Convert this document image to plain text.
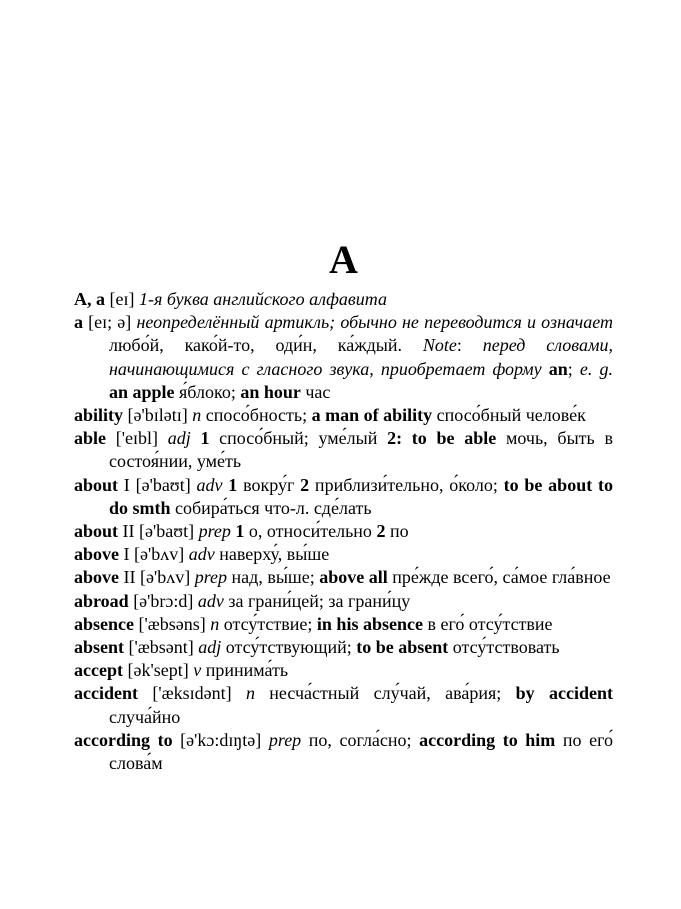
A

A, a [eɪ] 1-я буква английского алфавита

a [eɪ; ə] неопределённый артикль; обычно не переводится и означает любо́й, како́й-то, оди́н, ка́ждый. Note: перед словами, начинающимися с гласного звука, приобретает форму an; e. g. an apple я́блоко; an hour час

ability [ə'bɪlətɪ] n спосо́бность; a man of ability спосо́бный челове́к

able ['eɪbl] adj 1 спосо́бный; уме́лый 2: to be able мочь, быть в состоя́нии, уме́ть

about I [ə'baʊt] adv 1 вокру́г 2 приблизи́тельно, о́коло; to be about to do smth собира́ться что-л. сде́лать

about II [ə'baʊt] prep 1 о, относи́тельно 2 по

above I [ə'bʌv] adv наверху́, вы́ше

above II [ə'bʌv] prep над, вы́ше; above all пре́жде всего́, са́мое гла́вное

abroad [ə'brɔ:d] adv за грани́цей; за грани́цу

absence ['æbsəns] n отсу́тствие; in his absence в его́ отсу́тствие

absent ['æbsənt] adj отсу́тствующий; to be absent отсу́тствовать

accept [ək'sept] v принима́ть

accident ['æksɪdənt] n несча́стный слу́чай, ава́рия; by accident случа́йно

according to [ə'kɔ:dɪŋtə] prep по, согла́сно; according to him по его́ слова́м
